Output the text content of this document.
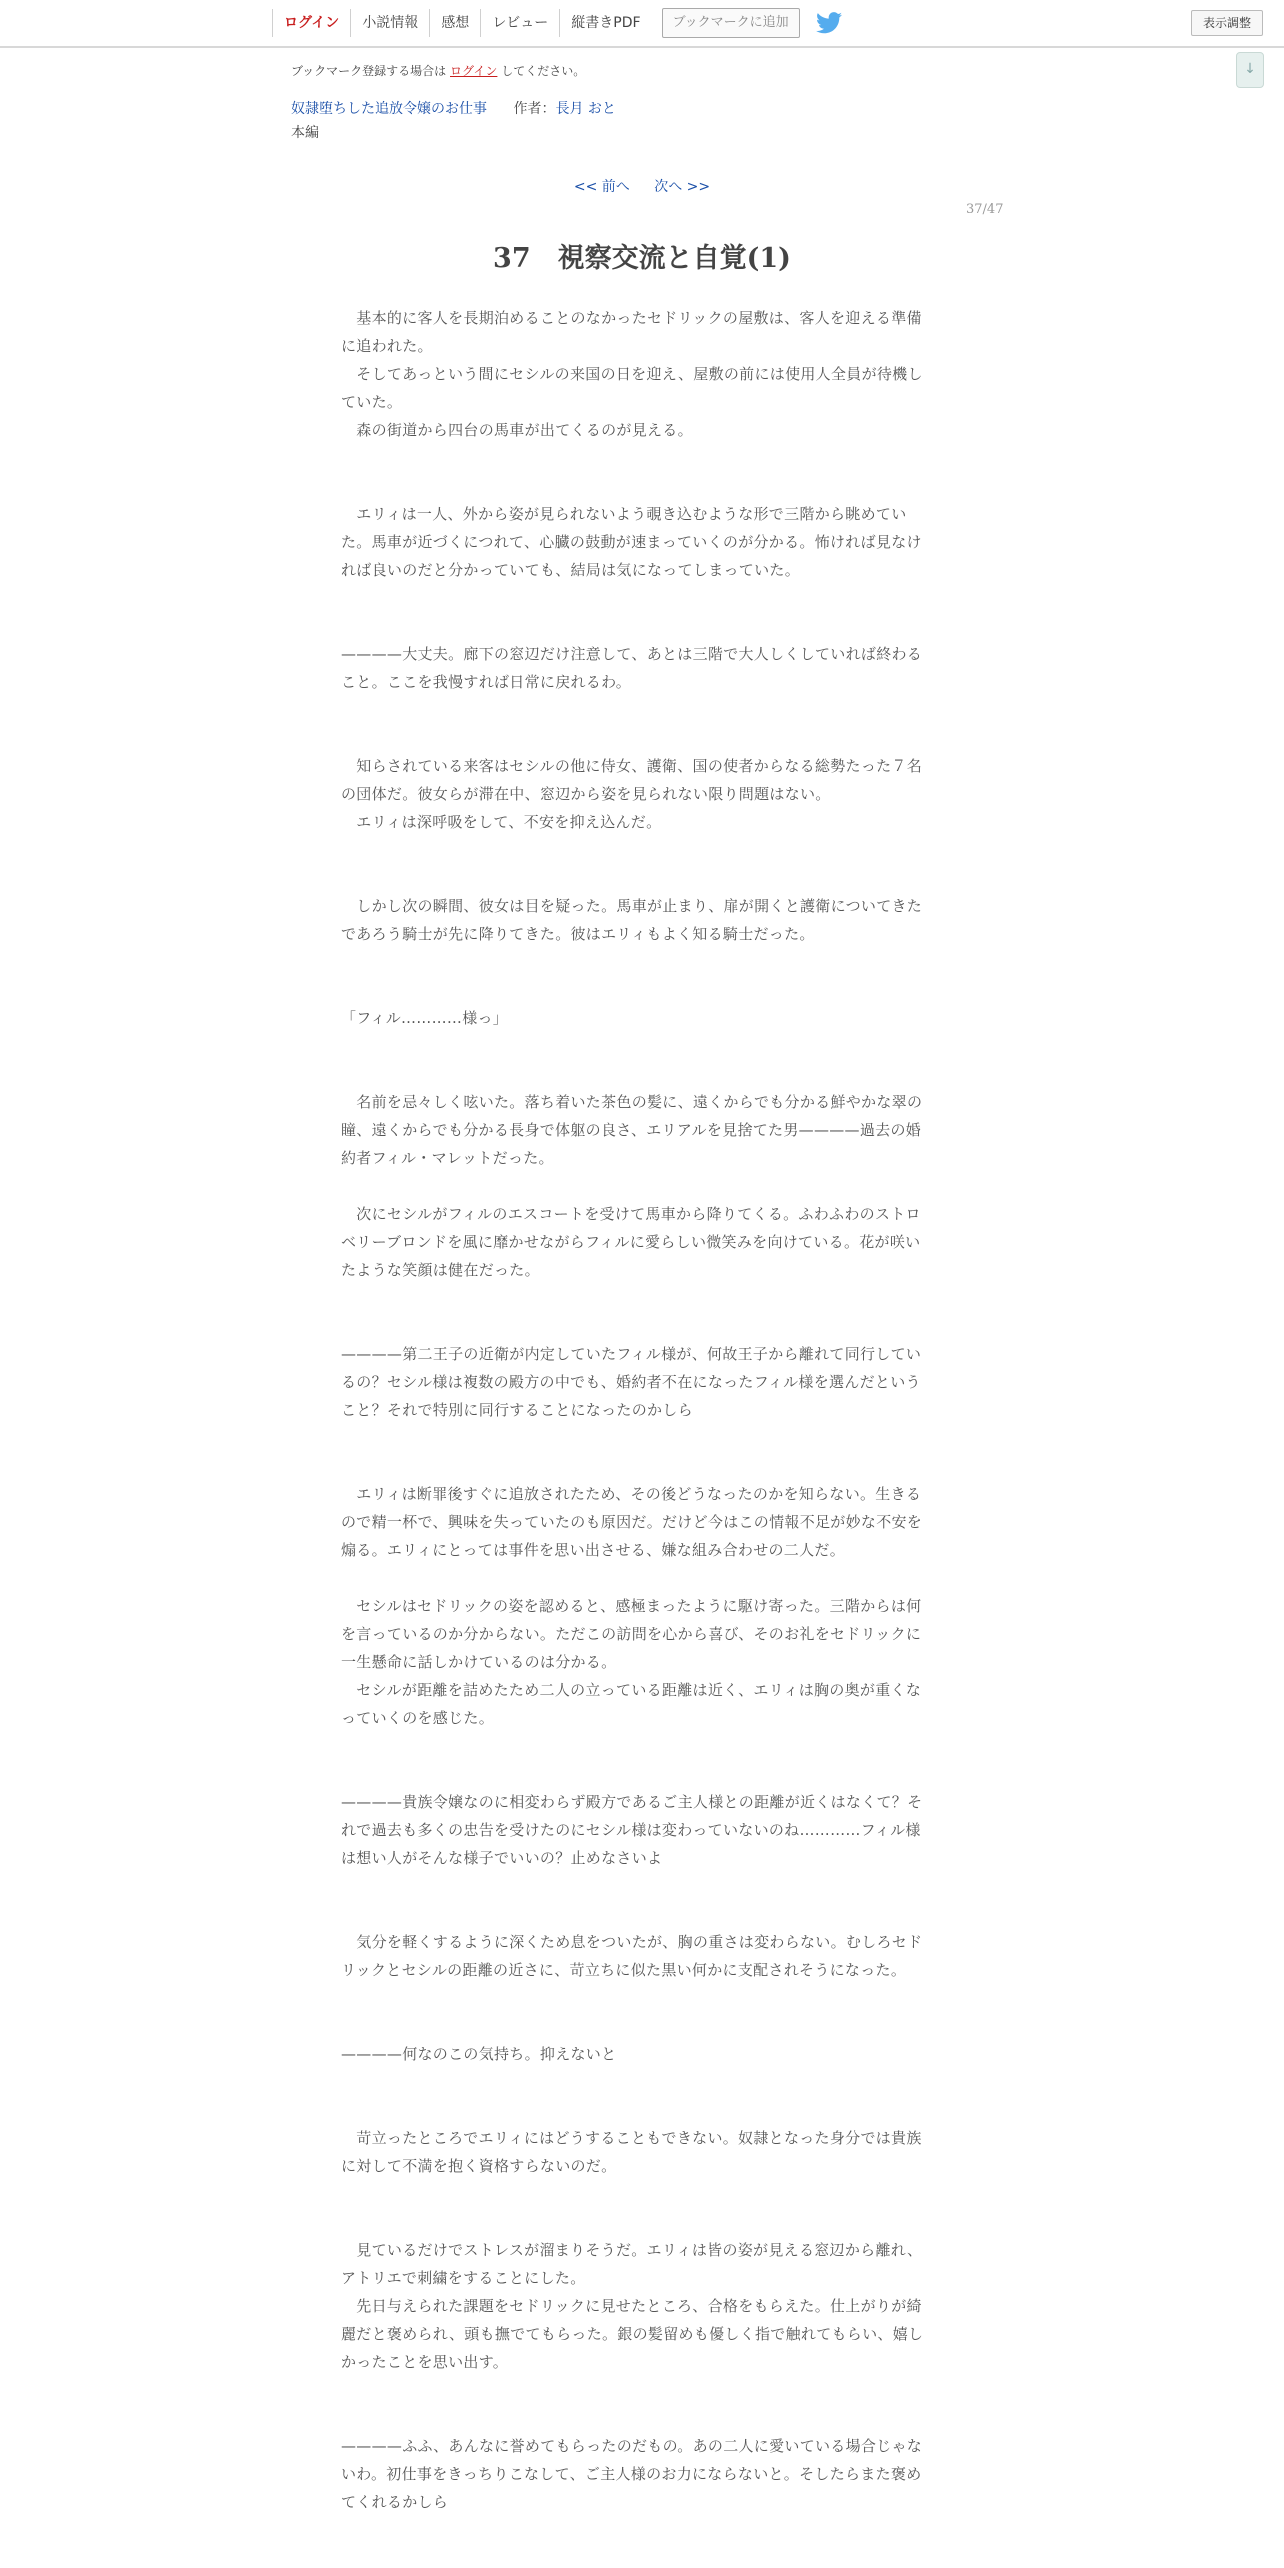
ログイン	小説情報	感想	レビュー	縦書きPDF	ブックマークに追加	表示調整
↓
ブックマーク登録する場合は ログイン してください。
奴隷堕ちした追放令嬢のお仕事 作者：長月 おと
本編
<< 前へ 次へ >>
37/47
37　視察交流と自覚(1)

　基本的に客人を長期泊めることのなかったセドリックの屋敷は、客人を迎える準備に追われた。
　そしてあっという間にセシルの来国の日を迎え、屋敷の前には使用人全員が待機していた。
　森の街道から四台の馬車が出てくるのが見える。

　エリィは一人、外から姿が見られないよう覗き込むような形で三階から眺めていた。馬車が近づくにつれて、心臓の鼓動が速まっていくのが分かる。怖ければ見なければ良いのだと分かっていても、結局は気になってしまっていた。

————大丈夫。廊下の窓辺だけ注意して、あとは三階で大人しくしていれば終わること。ここを我慢すれば日常に戻れるわ。

　知らされている来客はセシルの他に侍女、護衛、国の使者からなる総勢たった７名の団体だ。彼女らが滞在中、窓辺から姿を見られない限り問題はない。
　エリィは深呼吸をして、不安を抑え込んだ。

　しかし次の瞬間、彼女は目を疑った。馬車が止まり、扉が開くと護衛についてきたであろう騎士が先に降りてきた。彼はエリィもよく知る騎士だった。

「フィル…………様っ」

　名前を忌々しく呟いた。落ち着いた茶色の髪に、遠くからでも分かる鮮やかな翠の瞳、遠くからでも分かる長身で体躯の良さ、エリアルを見捨てた男————過去の婚約者フィル・マレットだった。

　次にセシルがフィルのエスコートを受けて馬車から降りてくる。ふわふわのストロベリーブロンドを風に靡かせながらフィルに愛らしい微笑みを向けている。花が咲いたような笑顔は健在だった。

————第二王子の近衛が内定していたフィル様が、何故王子から離れて同行しているの？セシル様は複数の殿方の中でも、婚約者不在になったフィル様を選んだということ？それで特別に同行することになったのかしら

　エリィは断罪後すぐに追放されたため、その後どうなったのかを知らない。生きるので精一杯で、興味を失っていたのも原因だ。だけど今はこの情報不足が妙な不安を煽る。エリィにとっては事件を思い出させる、嫌な組み合わせの二人だ。

　セシルはセドリックの姿を認めると、感極まったように駆け寄った。三階からは何を言っているのか分からない。ただこの訪問を心から喜び、そのお礼をセドリックに一生懸命に話しかけているのは分かる。
　セシルが距離を詰めたため二人の立っている距離は近く、エリィは胸の奥が重くなっていくのを感じた。

————貴族令嬢なのに相変わらず殿方であるご主人様との距離が近くはなくて？それで過去も多くの忠告を受けたのにセシル様は変わっていないのね…………フィル様は想い人がそんな様子でいいの？止めなさいよ

　気分を軽くするように深くため息をついたが、胸の重さは変わらない。むしろセドリックとセシルの距離の近さに、苛立ちに似た黒い何かに支配されそうになった。

————何なのこの気持ち。抑えないと

　苛立ったところでエリィにはどうすることもできない。奴隷となった身分では貴族に対して不満を抱く資格すらないのだ。

　見ているだけでストレスが溜まりそうだ。エリィは皆の姿が見える窓辺から離れ、アトリエで刺繍をすることにした。
　先日与えられた課題をセドリックに見せたところ、合格をもらえた。仕上がりが綺麗だと褒められ、頭も撫でてもらった。銀の髪留めも優しく指で触れてもらい、嬉しかったことを思い出す。

————ふふ、あんなに誉めてもらったのだもの。あの二人に愛いている場合じゃないわ。初仕事をきっちりこなして、ご主人様のお力にならないと。そしたらまた褒めてくれるかしら
